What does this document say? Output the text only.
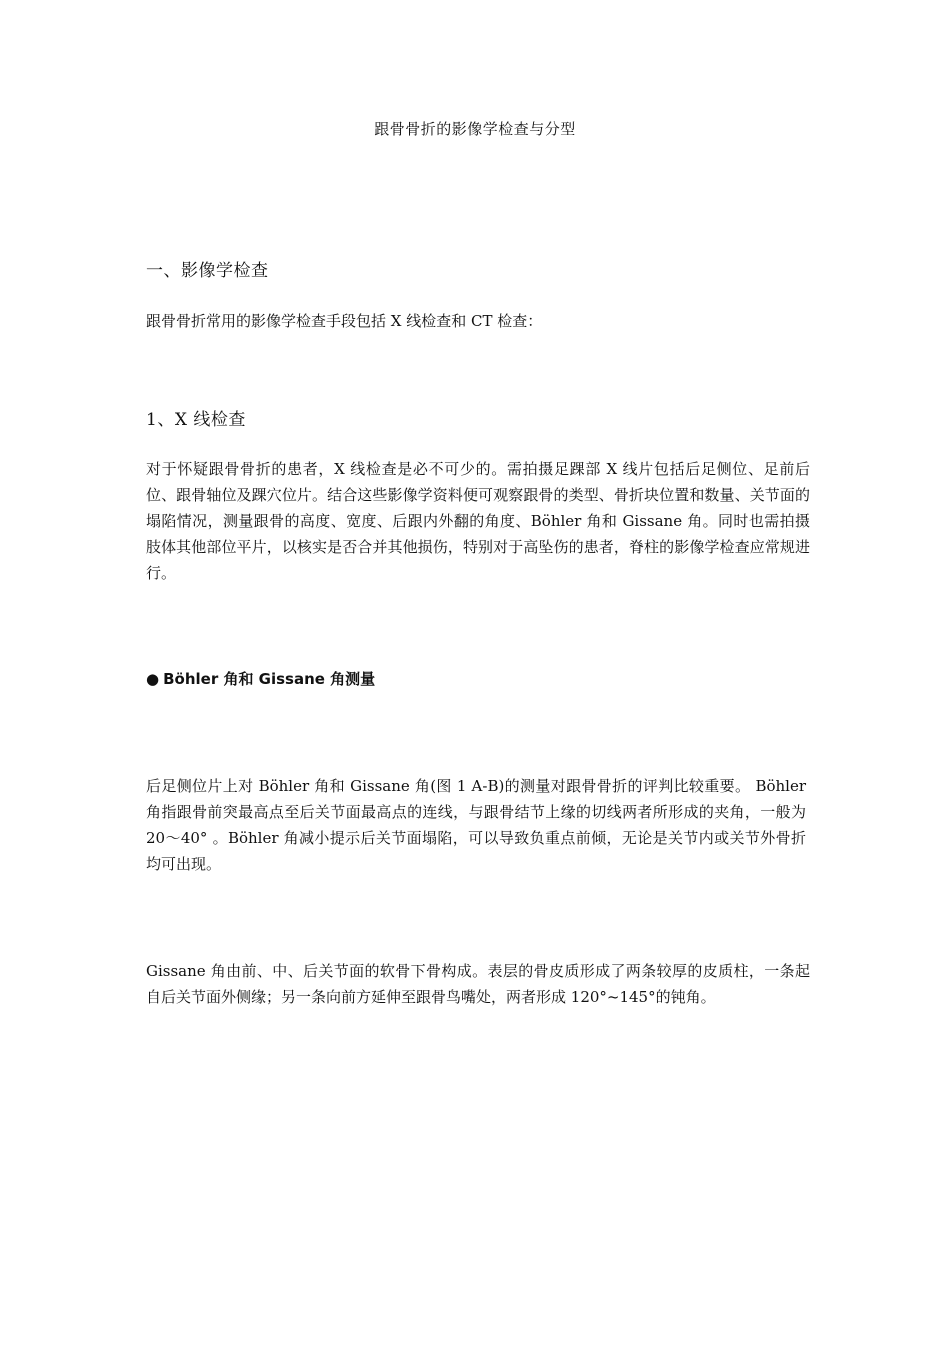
跟骨骨折的影像学检查与分型
一、影像学检查
跟骨骨折常用的影像学检查手段包括 X 线检查和 CT 检查：
1、X 线检查
对于怀疑跟骨骨折的患者，X 线检查是必不可少的。需拍摄足踝部 X 线片包括后足侧位、足前后位、跟骨轴位及踝穴位片。结合这些影像学资料便可观察跟骨的类型、骨折块位置和数量、关节面的塌陷情况，测量跟骨的高度、宽度、后跟内外翻的角度、Böhler 角和 Gissane 角。同时也需拍摄肢体其他部位平片，以核实是否合并其他损伤，特别对于高坠伤的患者，脊柱的影像学检查应常规进行。
● Böhler 角和 Gissane 角测量
后足侧位片上对 Böhler 角和 Gissane 角(图 1 A-B)的测量对跟骨骨折的评判比较重要。 Böhler 角指跟骨前突最高点至后关节面最高点的连线，与跟骨结节上缘的切线两者所形成的夹角，一般为 20～40° 。Böhler 角减小提示后关节面塌陷，可以导致负重点前倾，无论是关节内或关节外骨折均可出现。
Gissane 角由前、中、后关节面的软骨下骨构成。表层的骨皮质形成了两条较厚的皮质柱，一条起自后关节面外侧缘；另一条向前方延伸至跟骨鸟嘴处，两者形成 120°~145°的钝角。
